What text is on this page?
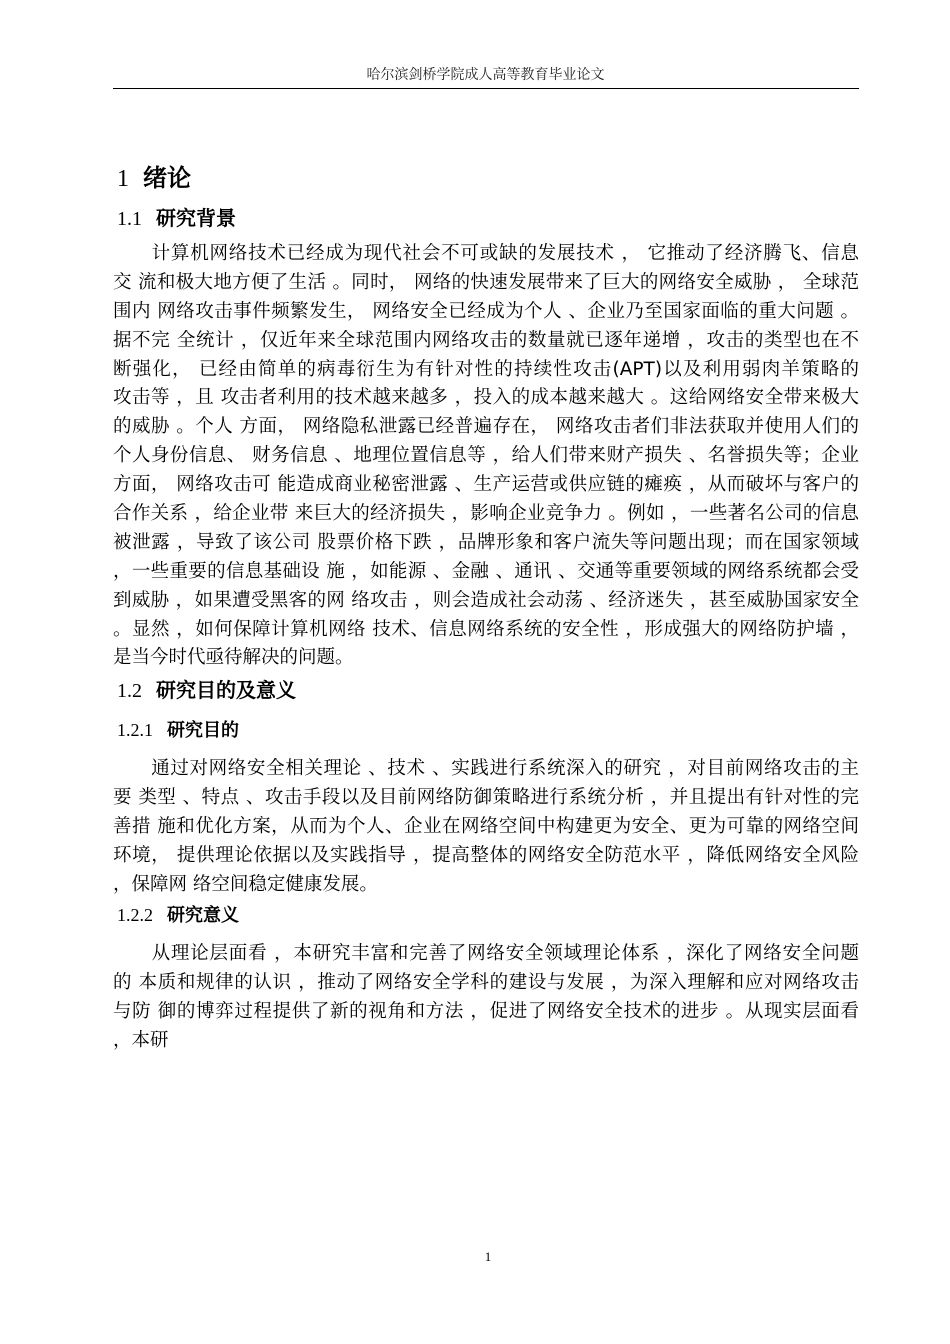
哈尔滨剑桥学院成人高等教育毕业论文
1 绪论
1.1 研究背景
　　计算机网络技术已经成为现代社会不可或缺的发展技术 ， 它推动了经济腾飞、信息
交 流和极大地方便了生活 。同时， 网络的快速发展带来了巨大的网络安全威胁 ， 全球范
围内 网络攻击事件频繁发生， 网络安全已经成为个人 、企业乃至国家面临的重大问题 。
据不完 全统计 ，仅近年来全球范围内网络攻击的数量就已逐年递增 ，攻击的类型也在不
断强化， 已经由简单的病毒衍生为有针对性的持续性攻击(APT)以及利用弱肉羊策略的
攻击等 ，且 攻击者利用的技术越来越多 ，投入的成本越来越大 。这给网络安全带来极大
的威胁 。个人 方面， 网络隐私泄露已经普遍存在， 网络攻击者们非法获取并使用人们的
个人身份信息、 财务信息 、地理位置信息等 ，给人们带来财产损失 、名誉损失等；企业
方面， 网络攻击可 能造成商业秘密泄露 、生产运营或供应链的瘫痪 ，从而破坏与客户的
合作关系 ，给企业带 来巨大的经济损失 ，影响企业竞争力 。例如 ，一些著名公司的信息
被泄露 ，导致了该公司 股票价格下跌 ，品牌形象和客户流失等问题出现；而在国家领域
，一些重要的信息基础设 施 ，如能源 、金融 、通讯 、交通等重要领域的网络系统都会受
到威胁 ，如果遭受黑客的网 络攻击 ，则会造成社会动荡 、经济迷失 ，甚至威胁国家安全
。显然 ，如何保障计算机网络 技术、信息网络系统的安全性 ，形成强大的网络防护墙 ，
是当今时代亟待解决的问题。
1.2 研究目的及意义
1.2.1 研究目的
　　通过对网络安全相关理论 、技术 、实践进行系统深入的研究 ，对目前网络攻击的主
要 类型 、特点 、攻击手段以及目前网络防御策略进行系统分析 ，并且提出有针对性的完
善措 施和优化方案，从而为个人、企业在网络空间中构建更为安全、更为可靠的网络空间
环境， 提供理论依据以及实践指导 ，提高整体的网络安全防范水平 ，降低网络安全风险
，保障网 络空间稳定健康发展。
1.2.2 研究意义
　　从理论层面看 ，本研究丰富和完善了网络安全领域理论体系 ，深化了网络安全问题
的 本质和规律的认识 ，推动了网络安全学科的建设与发展 ，为深入理解和应对网络攻击
与防 御的博弈过程提供了新的视角和方法 ，促进了网络安全技术的进步 。从现实层面看
，本研
1
